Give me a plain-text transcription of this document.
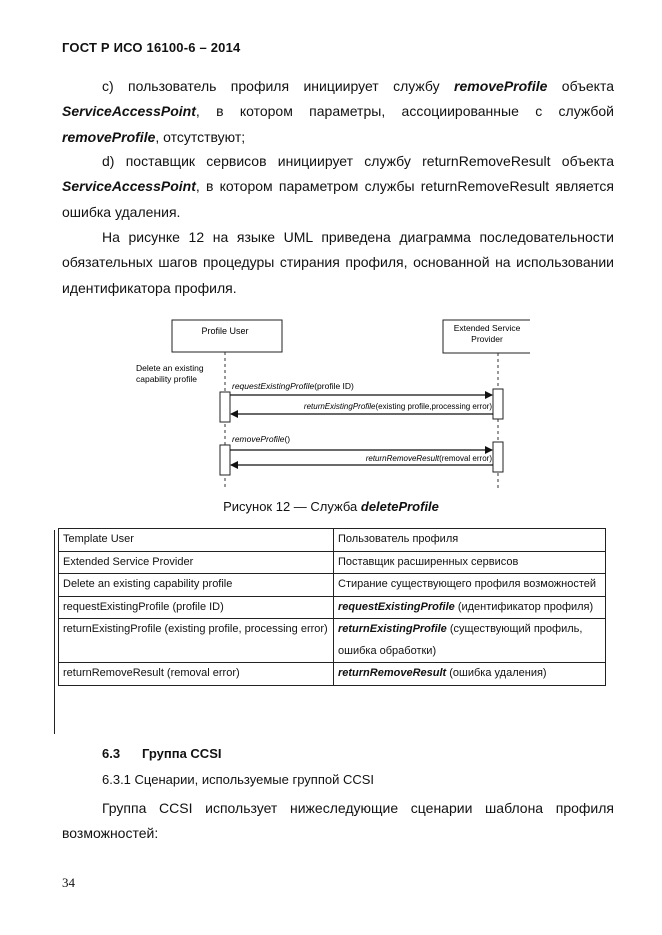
ГОСТ Р ИСО 16100-6 – 2014
c) пользователь профиля инициирует службу removeProfile объекта ServiceAccessPoint, в котором параметры, ассоциированные с службой removeProfile, отсутствуют;
d) поставщик сервисов инициирует службу returnRemoveResult объекта ServiceAccessPoint, в котором параметром службы returnRemoveResult является ошибка удаления.
На рисунке 12 на языке UML приведена диаграмма последовательности обязательных шагов процедуры стирания профиля, основанной на использовании идентификатора профиля.
Profile User	Extended Service
Provider
Delete an existing
capability profile
requestExistingProfile(profile ID)
returnExistingProfile(existing profile,processing error)
removeProfile()
returnRemoveResult(removal error)
Рисунок 12 — Служба deleteProfile
Template User	Пользователь профиля
Extended Service Provider	Поставщик расширенных сервисов
Delete an existing capability profile	Стирание существующего профиля возможностей
requestExistingProfile (profile ID)	requestExistingProfile (идентификатор профиля)
returnExistingProfile (existing profile, processing error)	returnExistingProfile (существующий профиль, ошибка обработки)
returnRemoveResult (removal error)	returnRemoveResult (ошибка удаления)
6.3 Группа CCSI
6.3.1 Сценарии, используемые группой CCSI
Группа CCSI использует нижеследующие сценарии шаблона профиля возможностей:
34
